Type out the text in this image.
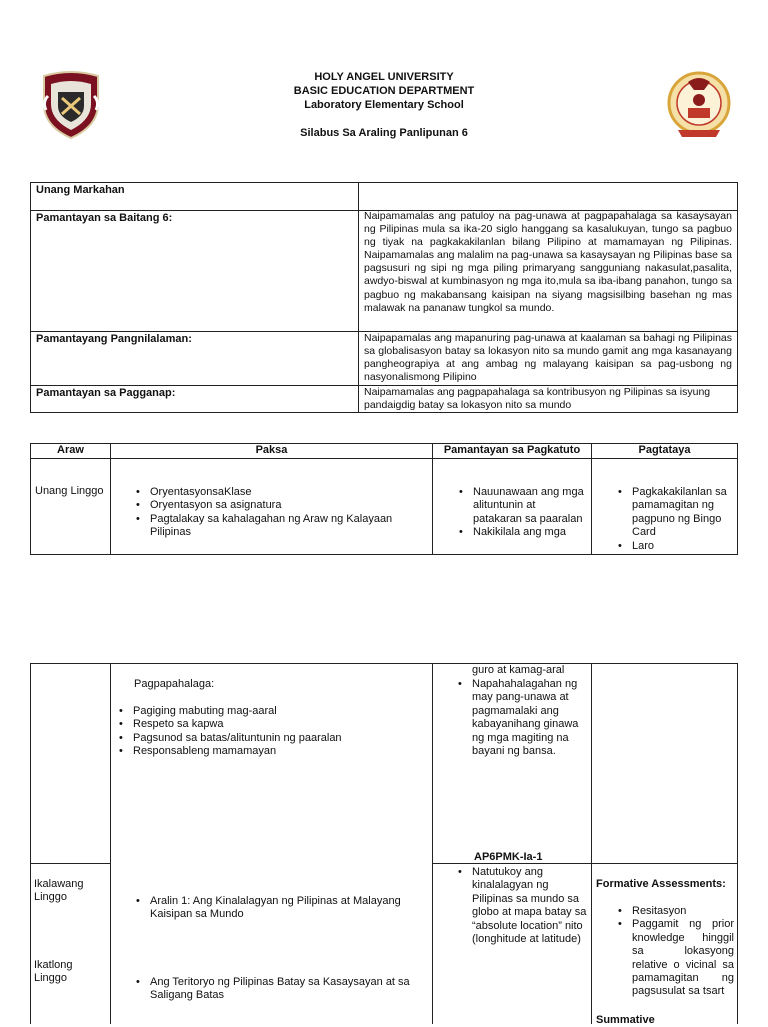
HOLY ANGEL UNIVERSITY
BASIC EDUCATION DEPARTMENT
Laboratory Elementary School
Silabus Sa Araling Panlipunan 6
Unang Markahan
Pamantayan sa Baitang 6:	Naipamamalas ang patuloy na pag-unawa at pagpapahalaga sa kasaysayan ng Pilipinas mula sa ika-20 siglo hanggang sa kasalukuyan, tungo sa pagbuo ng tiyak na pagkakakilanlan bilang Pilipino at mamamayan ng Pilipinas. Naipamamalas ang malalim na pag-unawa sa kasaysayan ng Pilipinas base sa pagsusuri ng sipi ng mga piling primaryang sangguniang nakasulat,pasalita, awdyo-biswal at kumbinasyon ng mga ito,mula sa iba-ibang panahon, tungo sa pagbuo ng makabansang kaisipan na siyang magsisilbing basehan ng mas malawak na pananaw tungkol sa mundo.
Pamantayang Pangnilalaman:	Naipapamalas ang mapanuring pag-unawa at kaalaman sa bahagi ng Pilipinas sa globalisasyon batay sa lokasyon nito sa mundo gamit ang mga kasanayang pangheograpiya at ang ambag ng malayang kaisipan sa pag-usbong ng nasyonalismong Pilipino
Pamantayan sa Pagganap:	Naipamamalas ang pagpapahalaga sa kontribusyon ng Pilipinas sa isyung pandaigdig batay sa lokasyon nito sa mundo
Araw	Paksa	Pamantayan sa Pagkatuto	Pagtataya
Unang Linggo
•	OryentasyonsaKlase
• Oryentasyon sa asignatura
• Pagtalakay sa kahalagahan ng Araw ng Kalayaan Pilipinas
• Nauunawaan ang mga alituntunin at patakaran sa paaralan
• Nakikilala ang mga
• Pagkakakilanlan sa pamamagitan ng pagpuno ng Bingo Card
• Laro
guro at kamag-aral
Pagpapahalaga:
• Pagiging mabuting mag-aaral
• Respeto sa kapwa
• Pagsunod sa batas/alituntunin ng paaralan
• Responsableng mamamayan
• Napahahalagahan ng may pang-unawa at pagmamalaki ang kabayanihang ginawa ng mga magiting na bayani ng bansa.
AP6PMK-Ia-1
Ikalawang Linggo
Ikatlong Linggo
• Aralin 1: Ang Kinalalagyan ng Pilipinas at Malayang Kaisipan sa Mundo
• Ang Teritoryo ng Pilipinas Batay sa Kasaysayan at sa Saligang Batas
• Natutukoy ang kinalalagyan ng Pilipinas sa mundo sa globo at mapa batay sa “absolute location” nito (longhitude at latitude)
Formative Assessments:
• Resitasyon
• Paggamit ng prior knowledge hinggil sa lokasyong relative o vicinal sa pamamagitan ng pagsusulat sa tsart
Summative
